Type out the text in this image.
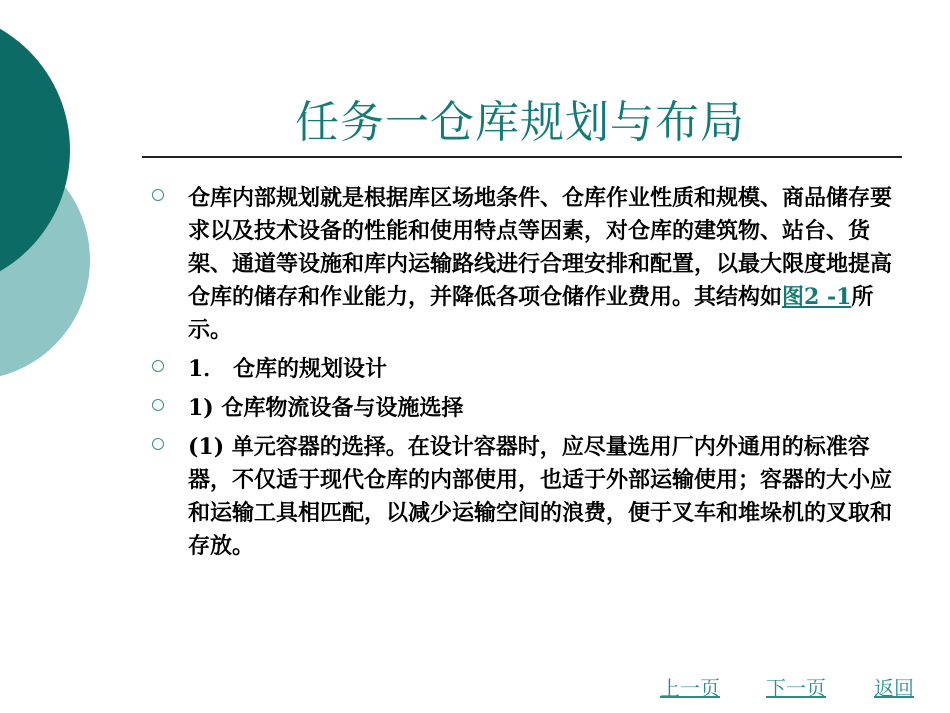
任务一仓库规划与布局
仓库内部规划就是根据库区场地条件、仓库作业性质和规模、商品储存要求以及技术设备的性能和使用特点等因素，对仓库的建筑物、站台、货架、通道等设施和库内运输路线进行合理安排和配置，以最大限度地提高仓库的储存和作业能力，并降低各项仓储作业费用。其结构如图2 -1所示。
1． 仓库的规划设计
1) 仓库物流设备与设施选择
(1) 单元容器的选择。在设计容器时，应尽量选用厂内外通用的标准容器，不仅适于现代仓库的内部使用，也适于外部运输使用；容器的大小应和运输工具相匹配，以减少运输空间的浪费，便于叉车和堆垛机的叉取和存放。
上一页 下一页 返回
